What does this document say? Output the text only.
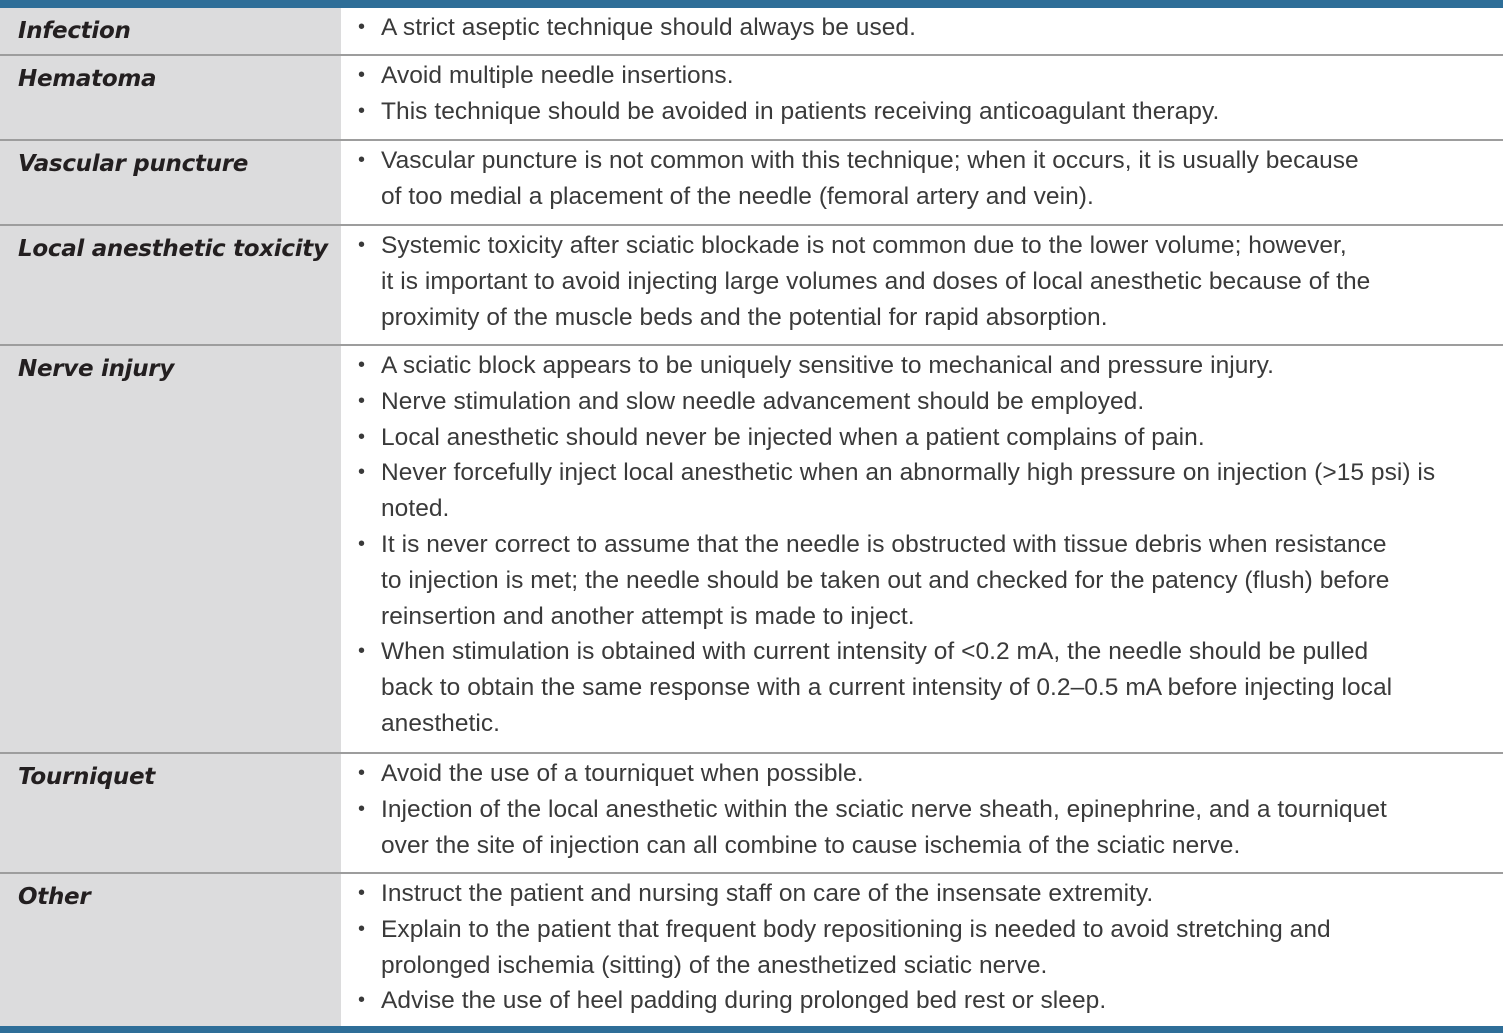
Infection	• A strict aseptic technique should always be used.
Hematoma	• Avoid multiple needle insertions.
• This technique should be avoided in patients receiving anticoagulant therapy.
Vascular puncture	• Vascular puncture is not common with this technique; when it occurs, it is usually because
of too medial a placement of the needle (femoral artery and vein).
Local anesthetic toxicity	• Systemic toxicity after sciatic blockade is not common due to the lower volume; however,
it is important to avoid injecting large volumes and doses of local anesthetic because of the
proximity of the muscle beds and the potential for rapid absorption.
Nerve injury	• A sciatic block appears to be uniquely sensitive to mechanical and pressure injury.
• Nerve stimulation and slow needle advancement should be employed.
• Local anesthetic should never be injected when a patient complains of pain.
• Never forcefully inject local anesthetic when an abnormally high pressure on injection (>15 psi) is
noted.
• It is never correct to assume that the needle is obstructed with tissue debris when resistance
to injection is met; the needle should be taken out and checked for the patency (flush) before
reinsertion and another attempt is made to inject.
• When stimulation is obtained with current intensity of <0.2 mA, the needle should be pulled
back to obtain the same response with a current intensity of 0.2–0.5 mA before injecting local
anesthetic.
Tourniquet	• Avoid the use of a tourniquet when possible.
• Injection of the local anesthetic within the sciatic nerve sheath, epinephrine, and a tourniquet
over the site of injection can all combine to cause ischemia of the sciatic nerve.
Other	• Instruct the patient and nursing staff on care of the insensate extremity.
• Explain to the patient that frequent body repositioning is needed to avoid stretching and
prolonged ischemia (sitting) of the anesthetized sciatic nerve.
• Advise the use of heel padding during prolonged bed rest or sleep.
